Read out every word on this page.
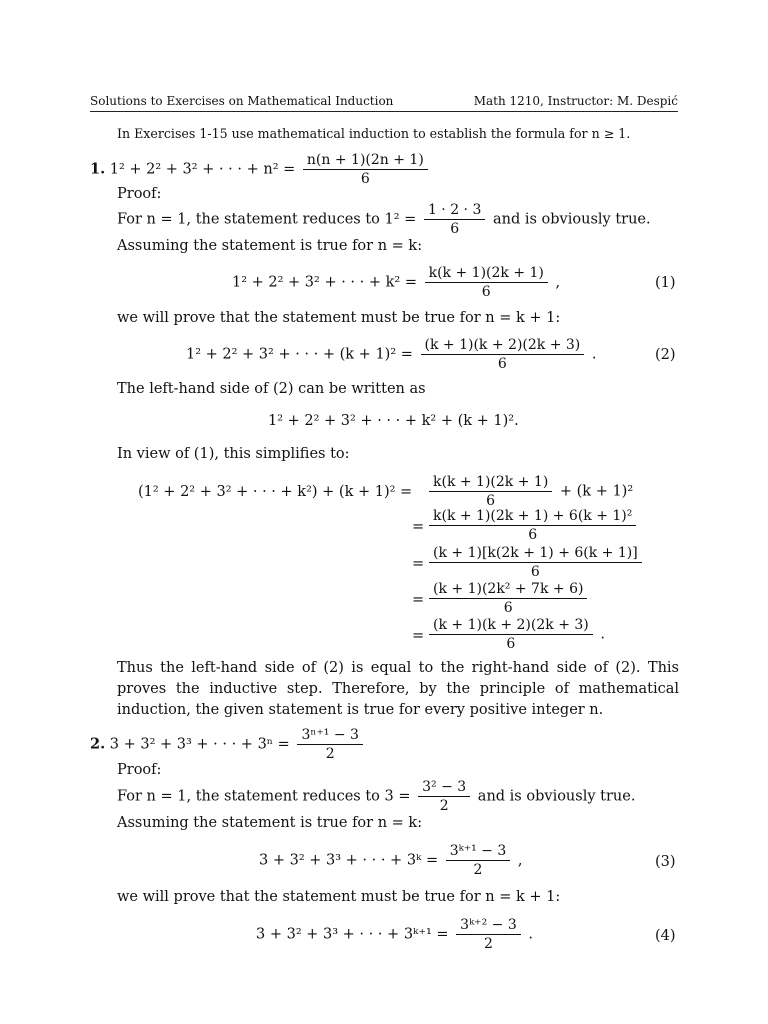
Solutions to Exercises on Mathematical Induction	Math 1210, Instructor: M. Despić
In Exercises 1-15 use mathematical induction to establish the formula for n ≥ 1.
1. 1² + 2² + 3² + · · · + $n^2 = \frac{n(n + 1)(2n + 1)}{6}$
Proof:
For n = 1, the statement reduces to $1^2 = \frac{1 \cdot 2 \cdot 3}{6}$ and is obviously true.
Assuming the statement is true for n = k:
1² + 2² + 3² + · · · + $k^2 = \frac{k(k + 1)(2k + 1)}{6}$ ,	(1)
we will prove that the statement must be true for n = k + 1:
1² + 2² + 3² + · · · + $(k + 1)^2 = \frac{(k + 1)(k + 2)(2k + 3)}{6}$ .	(2)
The left-hand side of (2) can be written as
1² + 2² + 3² + · · · + k² + (k + 1)².
In view of (1), this simplifies to:
(1² + 2² + 3² + · · · + $k^2) + (k + 1)^2 = \frac{k(k + 1)(2k + 1)}{6} + (k + 1)^2$
= $\frac{\text{k(k + 1)(2k + 1) + 6(k + 1)²}}{6}$
= $\frac{(k + 1)[k(2k + 1) + 6(k + 1)]}{6}$
= $\frac{\text{(k + 1)(2k² + 7k + 6)}}{6}$
= $\frac{(k + 1)(k + 2)(2k + 3)}{6}$ .
Thus the left-hand side of (2) is equal to the right-hand side of (2). This proves the inductive step. Therefore, by the principle of mathematical induction, the given statement is true for every positive integer n.
2. 3 + 3² + 3³ + · · · + $3^n = \frac{\text{3ⁿ⁺¹ − 3}}{2}$
Proof:
For n = 1, the statement reduces to $3 = \frac{\text{3² − 3}}{2}$ and is obviously true.
Assuming the statement is true for n = k:
3 + 3² + 3³ + · · · + 3ᵏ = $\frac{\text{3ᵏ⁺¹ − 3}}{2}$ ,	(3)
we will prove that the statement must be true for n = k + 1:
3 + 3² + 3³ + · · · + 3ᵏ⁺¹ = $\frac{\text{3ᵏ⁺² − 3}}{2}$ .	(4)
